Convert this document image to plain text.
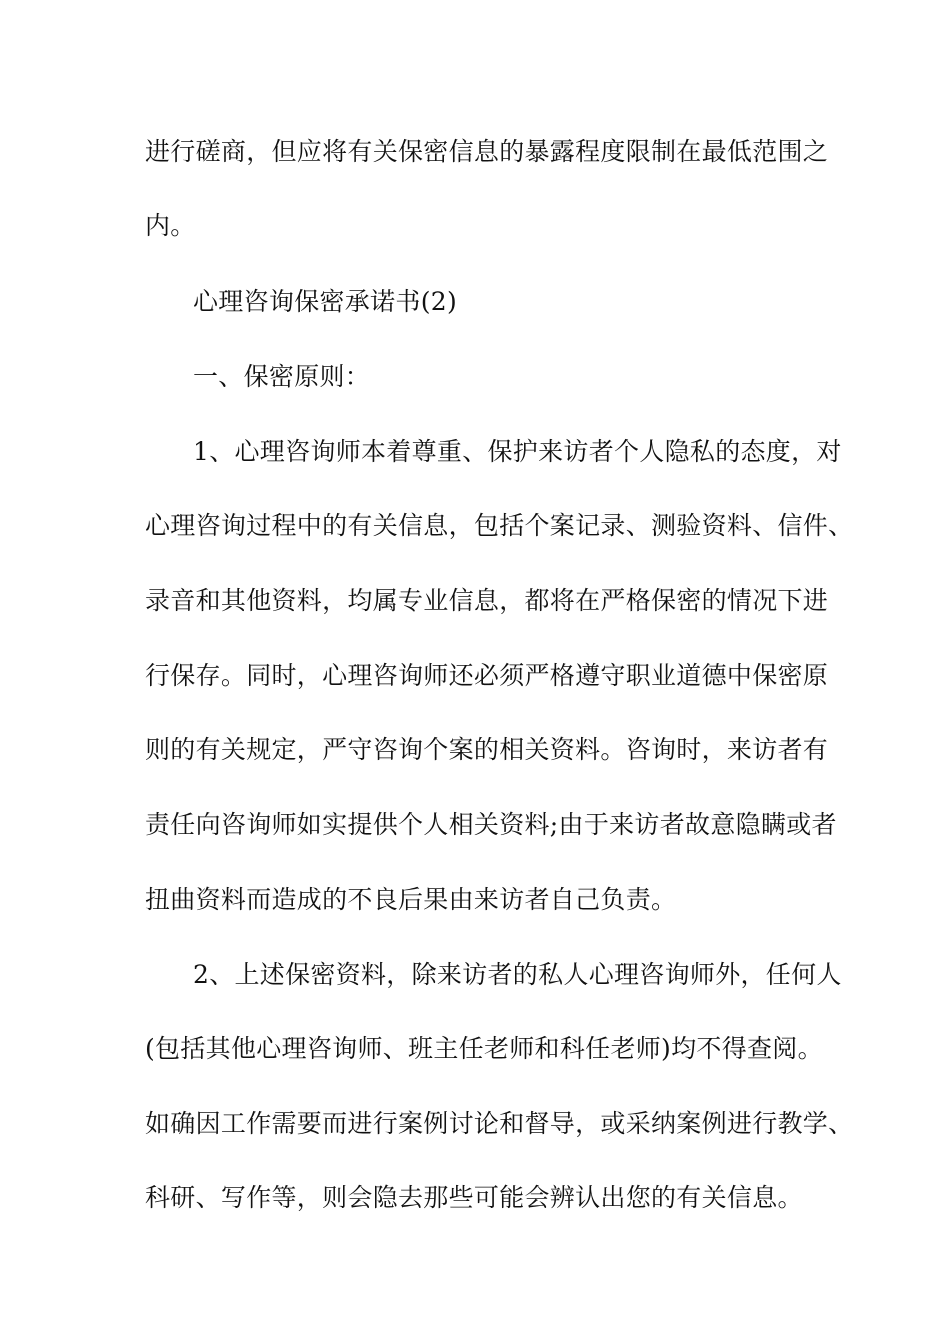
进行磋商，但应将有关保密信息的暴露程度限制在最低范围之
内。
心理咨询保密承诺书(2)
一、保密原则：
1、心理咨询师本着尊重、保护来访者个人隐私的态度，对
心理咨询过程中的有关信息，包括个案记录、测验资料、信件、
录音和其他资料，均属专业信息，都将在严格保密的情况下进
行保存。同时，心理咨询师还必须严格遵守职业道德中保密原
则的有关规定，严守咨询个案的相关资料。咨询时，来访者有
责任向咨询师如实提供个人相关资料;由于来访者故意隐瞒或者
扭曲资料而造成的不良后果由来访者自己负责。
2、上述保密资料，除来访者的私人心理咨询师外，任何人
(包括其他心理咨询师、班主任老师和科任老师)均不得查阅。
如确因工作需要而进行案例讨论和督导，或采纳案例进行教学、
科研、写作等，则会隐去那些可能会辨认出您的有关信息。
